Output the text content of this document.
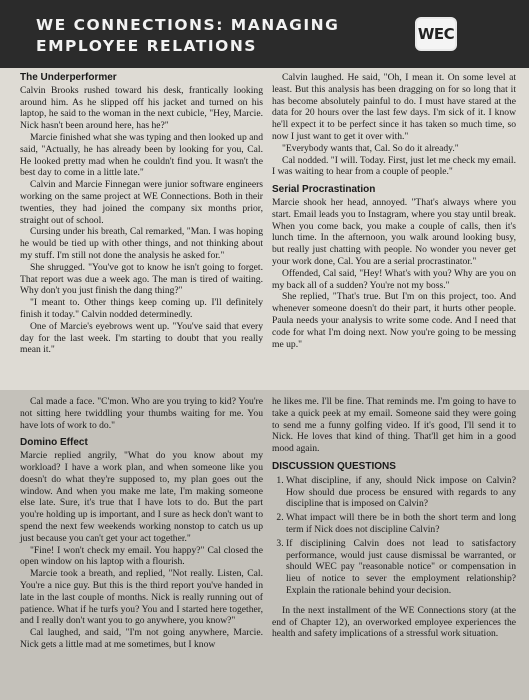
WE CONNECTIONS: MANAGING
EMPLOYEE RELATIONS
WEC
The Underperformer

Calvin Brooks rushed toward his desk, frantically looking around him. As he slipped off his jacket and turned on his laptop, he said to the woman in the next cubicle, "Hey, Marcie. Nick hasn't been around here, has he?"

Marcie finished what she was typing and then looked up and said, "Actually, he has already been by looking for you, Cal. He looked pretty mad when he couldn't find you. It wasn't the best day to come in a little late."

Calvin and Marcie Finnegan were junior software engineers working on the same project at WE Connections. Both in their twenties, they had joined the company six months prior, straight out of school.

Cursing under his breath, Cal remarked, "Man. I was hoping he would be tied up with other things, and not thinking about my stuff. I'm still not done the analysis he asked for."

She shrugged. "You've got to know he isn't going to forget. That report was due a week ago. The man is tired of waiting. Why don't you just finish the dang thing?"

"I meant to. Other things keep coming up. I'll definitely finish it today." Calvin nodded determinedly.

One of Marcie's eyebrows went up. "You've said that every day for the last week. I'm starting to doubt that you really mean it."

Calvin laughed. He said, "Oh, I mean it. On some level at least. But this analysis has been dragging on for so long that it has become absolutely painful to do. I must have stared at the data for 20 hours over the last few days. I'm sick of it. I know he'll expect it to be perfect since it has taken so much time, so now I just want to get it over with."

"Everybody wants that, Cal. So do it already."

Cal nodded. "I will. Today. First, just let me check my email. I was waiting to hear from a couple of people."

Serial Procrastination

Marcie shook her head, annoyed. "That's always where you start. Email leads you to Instagram, where you stay until break. When you come back, you make a couple of calls, then it's lunch time. In the afternoon, you walk around looking busy, but really just chatting with people. No wonder you never get your work done, Cal. You are a serial procrastinator."

Offended, Cal said, "Hey! What's with you? Why are you on my back all of a sudden? You're not my boss."

She replied, "That's true. But I'm on this project, too. And whenever someone doesn't do their part, it hurts other people. Paula needs your analysis to write some code. And I need that code for what I'm doing next. Now you're going to be messing me up."

Cal made a face. "C'mon. Who are you trying to kid? You're not sitting here twiddling your thumbs waiting for me. You have lots of work to do."

Domino Effect

Marcie replied angrily, "What do you know about my workload? I have a work plan, and when someone like you doesn't do what they're supposed to, my plan goes out the window. And when you make me late, I'm making someone else late. Sure, it's true that I have lots to do. But the part you're holding up is important, and I sure as heck don't want to spend the next few weekends working nonstop to catch us up just because you can't get your act together."

"Fine! I won't check my email. You happy?" Cal closed the open window on his laptop with a flourish.

Marcie took a breath, and replied, "Not really. Listen, Cal. You're a nice guy. But this is the third report you've handed in late in the last couple of months. Nick is really running out of patience. What if he turfs you? You and I started here together, and I really don't want you to go anywhere, you know?"

Cal laughed, and said, "I'm not going anywhere, Marcie. Nick gets a little mad at me sometimes, but I know

he likes me. I'll be fine. That reminds me. I'm going to have to take a quick peek at my email. Someone said they were going to send me a funny golfing video. If it's good, I'll send it to Nick. He loves that kind of thing. That'll get him in a good mood again.

DISCUSSION QUESTIONS
1. What discipline, if any, should Nick impose on Calvin? How should due process be ensured with regards to any discipline that is imposed on Calvin?
2. What impact will there be in both the short term and long term if Nick does not discipline Calvin?
3. If disciplining Calvin does not lead to satisfactory performance, would just cause dismissal be warranted, or should WEC pay "reasonable notice" or compensation in lieu of notice to sever the employment relationship? Explain the rationale behind your decision.

In the next installment of the WE Connections story (at the end of Chapter 12), an overworked employee experiences the health and safety implications of a stressful work situation.
